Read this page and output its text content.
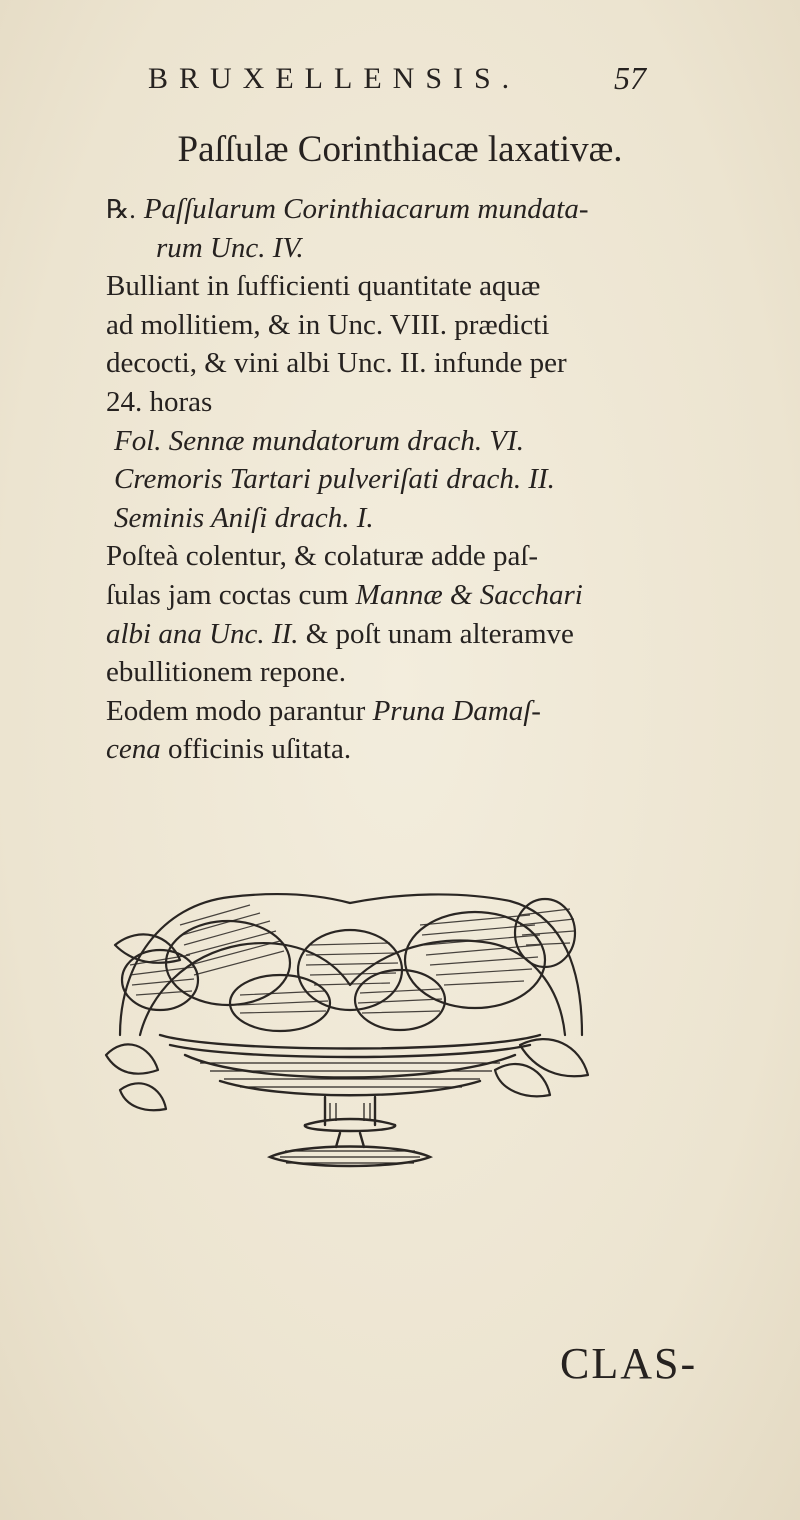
BRUXELLENSIS.	57
Paſſulæ Corinthiacæ laxativæ.
℞. Paſſularum Corinthiacarum mundata-
rum Unc. IV.
Bulliant in ſufficienti quantitate aquæ
ad mollitiem, & in Unc. VIII. prædicti
decocti, & vini albi Unc. II. infunde per
24. horas
Fol. Sennæ mundatorum drach. VI.
Cremoris Tartari pulveriſati drach. II.
Seminis Aniſi drach. I.
Poſteà colentur, & colaturæ adde paſ-
ſulas jam coctas cum Mannæ & Sacchari
albi ana Unc. II. & poſt unam alteramve
ebullitionem repone.
Eodem modo parantur Pruna Damaſ-
cena officinis uſitata.
CLAS-
